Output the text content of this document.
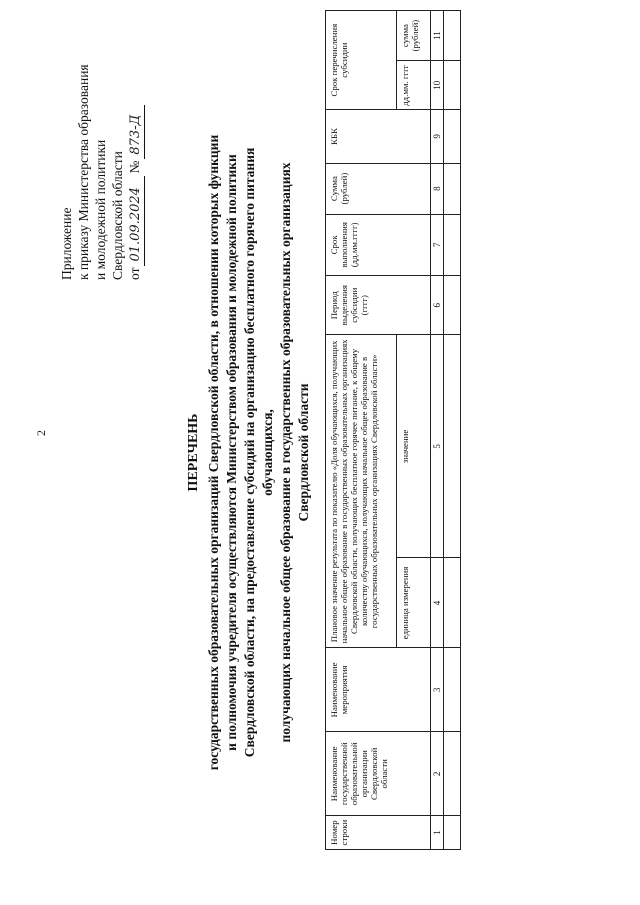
2
Приложение к приказу Министерства образования и молодежной политики Свердловской области от
01.09.2024
№
873-Д
ПЕРЕЧЕНЬ государственных образовательных организаций Свердловской области, в отношении которых функции и полномочия учредителя осуществляются Министерством образования и молодежной политики Свердловской области, на предоставление субсидий на организацию бесплатного горячего питания обучающихся, получающих начальное общее образование в государственных образовательных организациях Свердловской области
Номер строки	Наименование государственной образовательной организации Свердловской области	Наименование мероприятия	Плановое значение результата по показателю «Доля обучающихся, получающих начальное общее образование в государственных образовательных организациях Свердловской области, получающих бесплатное горячее питание, к общему количеству обучающихся, получающих начальное общее образование в государственных образовательных организациях Свердловской области»		Период выделения субсидии (гггг)	Срок выполнения (дд.мм.гггг)	Сумма (рублей)	КБК	Срок перечисления субсидии	
			единица измерения	значение					дд.мм. гггг	сумма (рублей)
1	2	3	4	5	6	7	8	9	10	11
